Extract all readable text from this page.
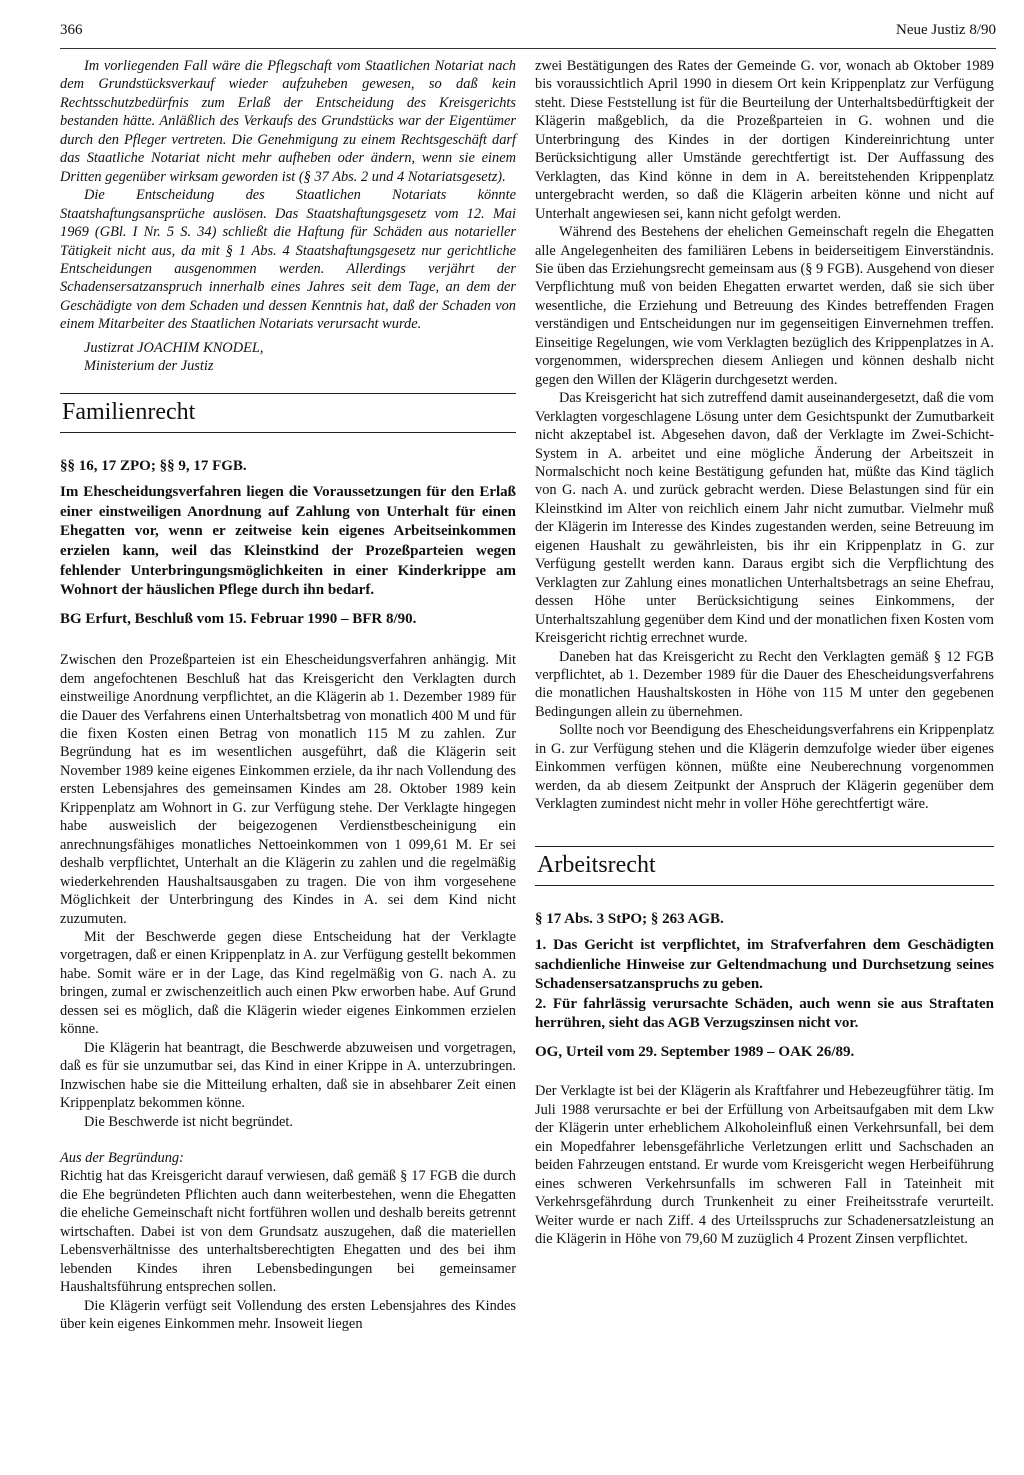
366	Neue Justiz 8/90

Im vorliegenden Fall wäre die Pflegschaft vom Staatlichen Notariat nach dem Grundstücksverkauf wieder aufzuheben gewesen, so daß kein Rechtsschutzbedürfnis zum Erlaß der Entscheidung des Kreisgerichts bestanden hätte. Anläßlich des Verkaufs des Grundstücks war der Eigentümer durch den Pfleger vertreten. Die Genehmigung zu einem Rechtsgeschäft darf das Staatliche Notariat nicht mehr aufheben oder ändern, wenn sie einem Dritten gegenüber wirksam geworden ist (§ 37 Abs. 2 und 4 Notariatsgesetz).

Die Entscheidung des Staatlichen Notariats könnte Staatshaftungsansprüche auslösen. Das Staatshaftungsgesetz vom 12. Mai 1969 (GBl. I Nr. 5 S. 34) schließt die Haftung für Schäden aus notarieller Tätigkeit nicht aus, da mit § 1 Abs. 4 Staatshaftungsgesetz nur gerichtliche Entscheidungen ausgenommen werden. Allerdings verjährt der Schadensersatzanspruch innerhalb eines Jahres seit dem Tage, an dem der Geschädigte von dem Schaden und dessen Kenntnis hat, daß der Schaden von einem Mitarbeiter des Staatlichen Notariats verursacht wurde.

Justizrat JOACHIM KNODEL,
Ministerium der Justiz
Familienrecht
§§ 16, 17 ZPO; §§ 9, 17 FGB.

Im Ehescheidungsverfahren liegen die Voraussetzungen für den Erlaß einer einstweiligen Anordnung auf Zahlung von Unterhalt für einen Ehegatten vor, wenn er zeitweise kein eigenes Arbeitseinkommen erzielen kann, weil das Kleinstkind der Prozeßparteien wegen fehlender Unterbringungsmöglichkeiten in einer Kinderkrippe am Wohnort der häuslichen Pflege durch ihn bedarf.

BG Erfurt, Beschluß vom 15. Februar 1990 – BFR 8/90.

Zwischen den Prozeßparteien ist ein Ehescheidungsverfahren anhängig. Mit dem angefochtenen Beschluß hat das Kreisgericht den Verklagten durch einstweilige Anordnung verpflichtet, an die Klägerin ab 1. Dezember 1989 für die Dauer des Verfahrens einen Unterhaltsbetrag von monatlich 400 M und für die fixen Kosten einen Betrag von monatlich 115 M zu zahlen. Zur Begründung hat es im wesentlichen ausgeführt, daß die Klägerin seit November 1989 keine eigenes Einkommen erziele, da ihr nach Vollendung des ersten Lebensjahres des gemeinsamen Kindes am 28. Oktober 1989 kein Krippenplatz am Wohnort in G. zur Verfügung stehe. Der Verklagte hingegen habe ausweislich der beigezogenen Verdienstbescheinigung ein anrechnungsfähiges monatliches Nettoeinkommen von 1 099,61 M. Er sei deshalb verpflichtet, Unterhalt an die Klägerin zu zahlen und die regelmäßig wiederkehrenden Haushaltsausgaben zu tragen. Die von ihm vorgesehene Möglichkeit der Unterbringung des Kindes in A. sei dem Kind nicht zuzumuten.

Mit der Beschwerde gegen diese Entscheidung hat der Verklagte vorgetragen, daß er einen Krippenplatz in A. zur Verfügung gestellt bekommen habe. Somit wäre er in der Lage, das Kind regelmäßig von G. nach A. zu bringen, zumal er zwischenzeitlich auch einen Pkw erworben habe. Auf Grund dessen sei es möglich, daß die Klägerin wieder eigenes Einkommen erzielen könne.

Die Klägerin hat beantragt, die Beschwerde abzuweisen und vorgetragen, daß es für sie unzumutbar sei, das Kind in einer Krippe in A. unterzubringen. Inzwischen habe sie die Mitteilung erhalten, daß sie in absehbarer Zeit einen Krippenplatz bekommen könne.

Die Beschwerde ist nicht begründet.

Aus der Begründung:

Richtig hat das Kreisgericht darauf verwiesen, daß gemäß § 17 FGB die durch die Ehe begründeten Pflichten auch dann weiterbestehen, wenn die Ehegatten die eheliche Gemeinschaft nicht fortführen wollen und deshalb bereits getrennt wirtschaften. Dabei ist von dem Grundsatz auszugehen, daß die materiellen Lebensverhältnisse des unterhaltsberechtigten Ehegatten und des bei ihm lebenden Kindes ihren Lebensbedingungen bei gemeinsamer Haushaltsführung entsprechen sollen.

Die Klägerin verfügt seit Vollendung des ersten Lebensjahres des Kindes über kein eigenes Einkommen mehr. Insoweit liegen

zwei Bestätigungen des Rates der Gemeinde G. vor, wonach ab Oktober 1989 bis voraussichtlich April 1990 in diesem Ort kein Krippenplatz zur Verfügung steht. Diese Feststellung ist für die Beurteilung der Unterhaltsbedürftigkeit der Klägerin maßgeblich, da die Prozeßparteien in G. wohnen und die Unterbringung des Kindes in der dortigen Kindereinrichtung unter Berücksichtigung aller Umstände gerechtfertigt ist. Der Auffassung des Verklagten, das Kind könne in dem in A. bereitstehenden Krippenplatz untergebracht werden, so daß die Klägerin arbeiten könne und nicht auf Unterhalt angewiesen sei, kann nicht gefolgt werden.

Während des Bestehens der ehelichen Gemeinschaft regeln die Ehegatten alle Angelegenheiten des familiären Lebens in beiderseitigem Einverständnis. Sie üben das Erziehungsrecht gemeinsam aus (§ 9 FGB). Ausgehend von dieser Verpflichtung muß von beiden Ehegatten erwartet werden, daß sie sich über wesentliche, die Erziehung und Betreuung des Kindes betreffenden Fragen verständigen und Entscheidungen nur im gegenseitigen Einvernehmen treffen. Einseitige Regelungen, wie vom Verklagten bezüglich des Krippenplatzes in A. vorgenommen, widersprechen diesem Anliegen und können deshalb nicht gegen den Willen der Klägerin durchgesetzt werden.

Das Kreisgericht hat sich zutreffend damit auseinandergesetzt, daß die vom Verklagten vorgeschlagene Lösung unter dem Gesichtspunkt der Zumutbarkeit nicht akzeptabel ist. Abgesehen davon, daß der Verklagte im Zwei-Schicht-System in A. arbeitet und eine mögliche Änderung der Arbeitszeit in Normalschicht noch keine Bestätigung gefunden hat, müßte das Kind täglich von G. nach A. und zurück gebracht werden. Diese Belastungen sind für ein Kleinstkind im Alter von reichlich einem Jahr nicht zumutbar. Vielmehr muß der Klägerin im Interesse des Kindes zugestanden werden, seine Betreuung im eigenen Haushalt zu gewährleisten, bis ihr ein Krippenplatz in G. zur Verfügung gestellt werden kann. Daraus ergibt sich die Verpflichtung des Verklagten zur Zahlung eines monatlichen Unterhaltsbetrags an seine Ehefrau, dessen Höhe unter Berücksichtigung seines Einkommens, der Unterhaltszahlung gegenüber dem Kind und der monatlichen fixen Kosten vom Kreisgericht richtig errechnet wurde.

Daneben hat das Kreisgericht zu Recht den Verklagten gemäß § 12 FGB verpflichtet, ab 1. Dezember 1989 für die Dauer des Ehescheidungsverfahrens die monatlichen Haushaltskosten in Höhe von 115 M unter den gegebenen Bedingungen allein zu übernehmen.

Sollte noch vor Beendigung des Ehescheidungsverfahrens ein Krippenplatz in G. zur Verfügung stehen und die Klägerin demzufolge wieder über eigenes Einkommen verfügen können, müßte eine Neuberechnung vorgenommen werden, da ab diesem Zeitpunkt der Anspruch der Klägerin gegenüber dem Verklagten zumindest nicht mehr in voller Höhe gerechtfertigt wäre.

Arbeitsrecht
§ 17 Abs. 3 StPO; § 263 AGB.

1. Das Gericht ist verpflichtet, im Strafverfahren dem Geschädigten sachdienliche Hinweise zur Geltendmachung und Durchsetzung seines Schadensersatzanspruchs zu geben.

2. Für fahrlässig verursachte Schäden, auch wenn sie aus Straftaten herrühren, sieht das AGB Verzugszinsen nicht vor.

OG, Urteil vom 29. September 1989 – OAK 26/89.

Der Verklagte ist bei der Klägerin als Kraftfahrer und Hebezeugführer tätig. Im Juli 1988 verursachte er bei der Erfüllung von Arbeitsaufgaben mit dem Lkw der Klägerin unter erheblichem Alkoholeinfluß einen Verkehrsunfall, bei dem ein Mopedfahrer lebensgefährliche Verletzungen erlitt und Sachschaden an beiden Fahrzeugen entstand. Er wurde vom Kreisgericht wegen Herbeiführung eines schweren Verkehrsunfalls im schweren Fall in Tateinheit mit Verkehrsgefährdung durch Trunkenheit zu einer Freiheitsstrafe verurteilt. Weiter wurde er nach Ziff. 4 des Urteilsspruchs zur Schadenersatzleistung an die Klägerin in Höhe von 79,60 M zuzüglich 4 Prozent Zinsen verpflichtet.
